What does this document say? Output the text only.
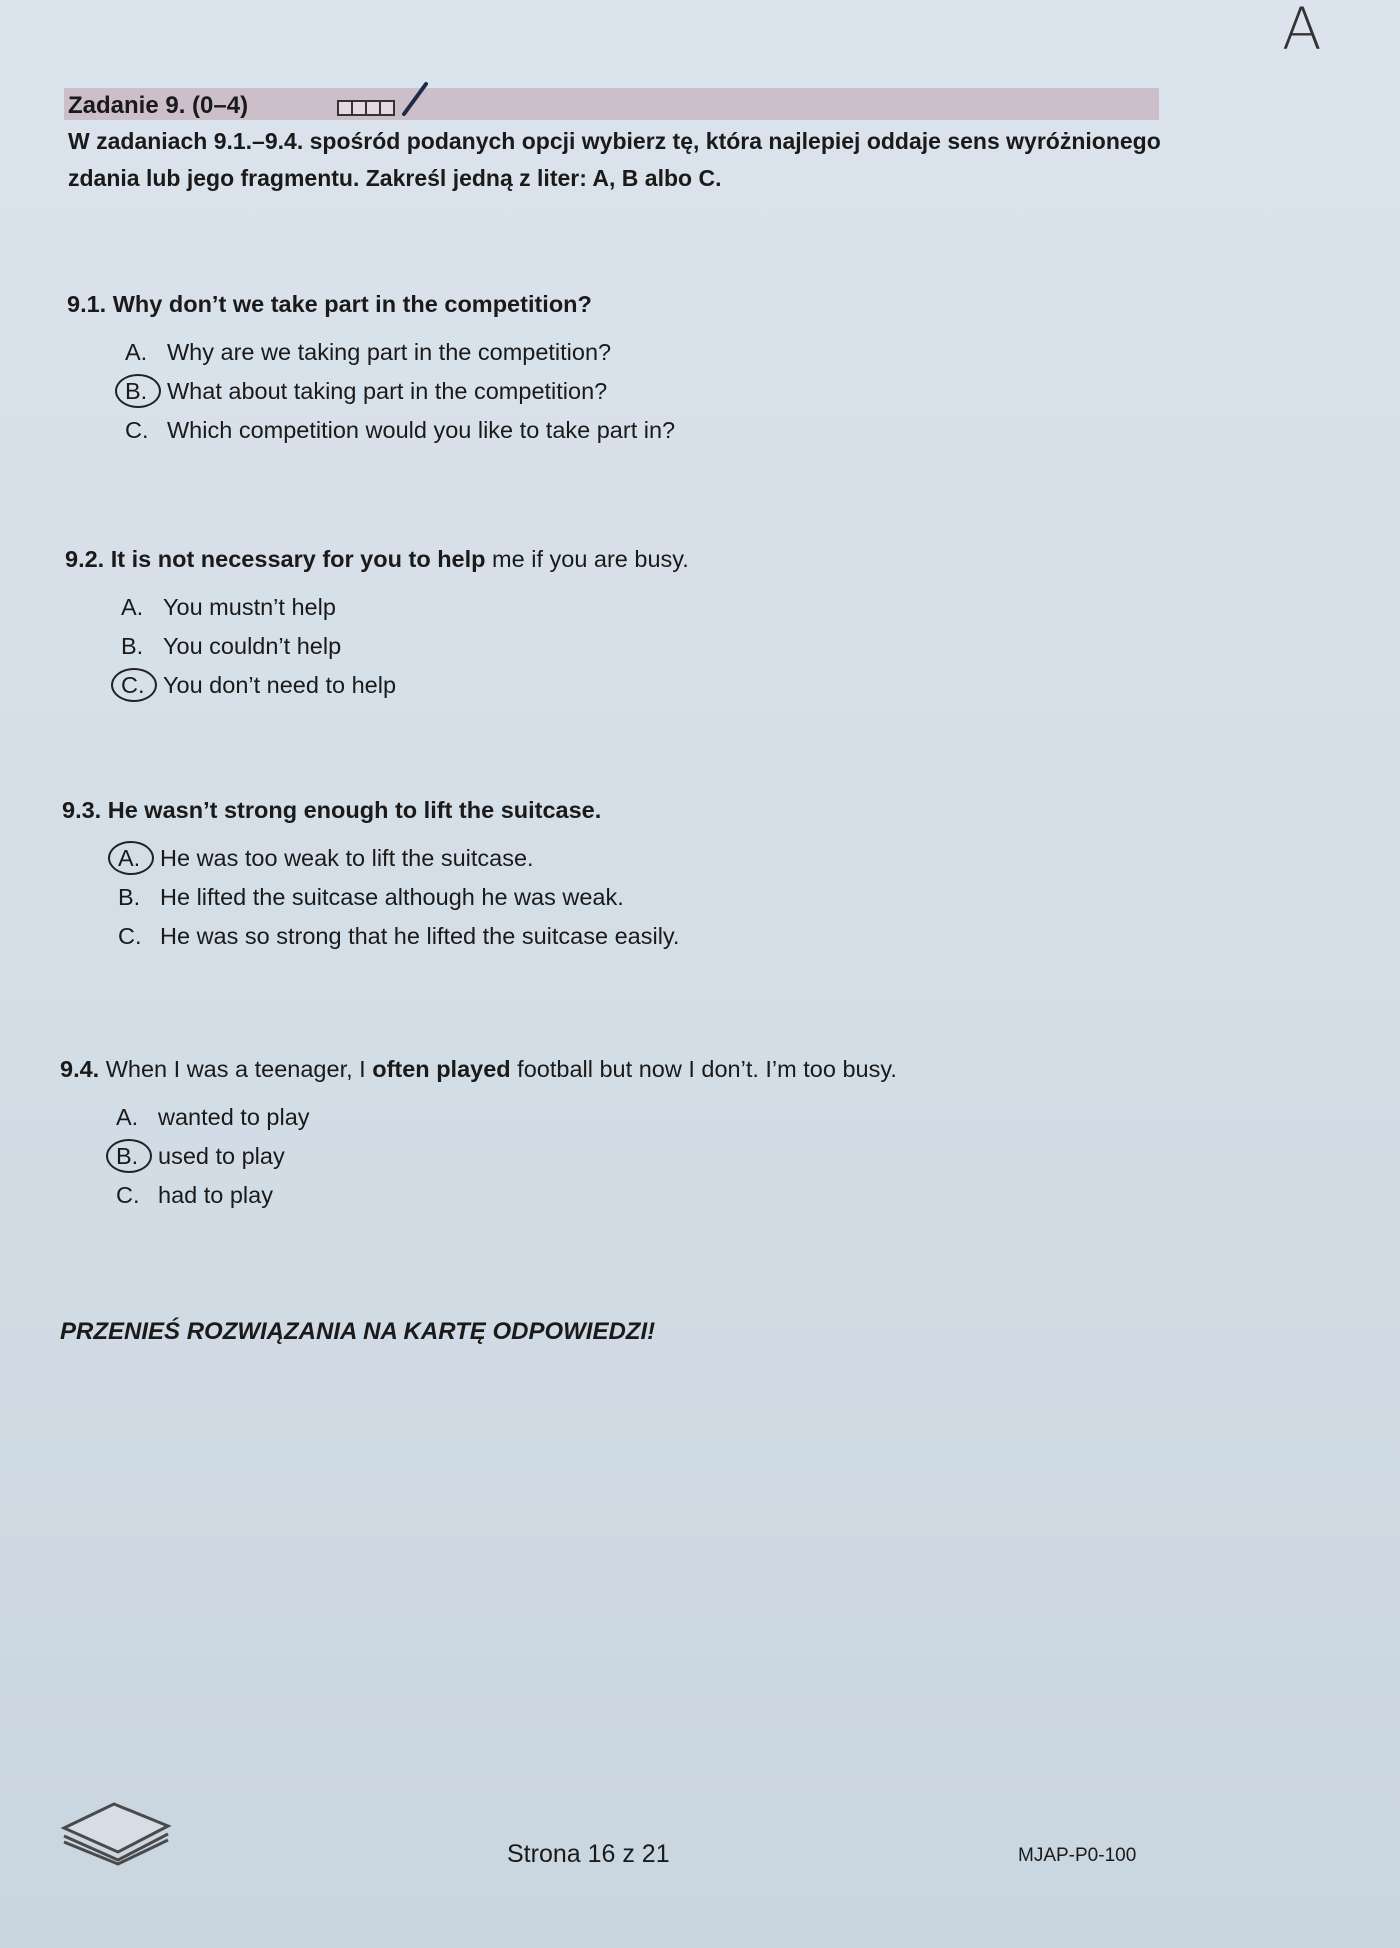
A
Zadanie 9. (0–4)
W zadaniach 9.1.–9.4. spośród podanych opcji wybierz tę, która najlepiej oddaje sens wyróżnionego zdania lub jego fragmentu. Zakreśl jedną z liter: A, B albo C.
9.1. Why don’t we take part in the competition?
A. Why are we taking part in the competition?
B. What about taking part in the competition?
C. Which competition would you like to take part in?
9.2. It is not necessary for you to help me if you are busy.
A. You mustn’t help
B. You couldn’t help
C. You don’t need to help
9.3. He wasn’t strong enough to lift the suitcase.
A. He was too weak to lift the suitcase.
B. He lifted the suitcase although he was weak.
C. He was so strong that he lifted the suitcase easily.
9.4. When I was a teenager, I often played football but now I don’t. I’m too busy.
A. wanted to play
B. used to play
C. had to play
PRZENIEŚ ROZWIĄZANIA NA KARTĘ ODPOWIEDZI!
Strona 16 z 21	MJAP-P0-100
